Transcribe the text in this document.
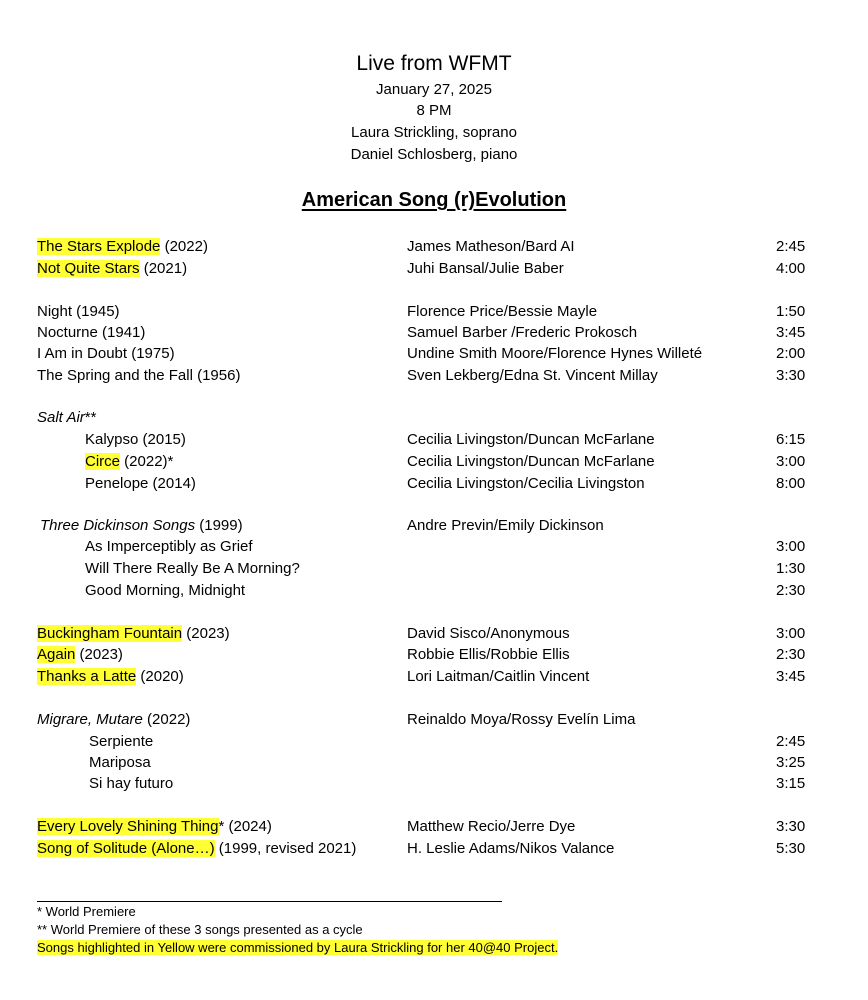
Live from WFMT
January 27, 2025
8 PM
Laura Strickling, soprano
Daniel Schlosberg, piano
American Song (r)Evolution
The Stars Explode (2022)	James Matheson/Bard AI	2:45
Not Quite Stars (2021)	Juhi Bansal/Julie Baber	4:00
Night (1945)	Florence Price/Bessie Mayle	1:50
Nocturne (1941)	Samuel Barber /Frederic Prokosch	3:45
I Am in Doubt (1975)	Undine Smith Moore/Florence Hynes Willeté	2:00
The Spring and the Fall (1956)	Sven Lekberg/Edna St. Vincent Millay	3:30
Salt Air**
Kalypso (2015)	Cecilia Livingston/Duncan McFarlane	6:15
Circe (2022)*	Cecilia Livingston/Duncan McFarlane	3:00
Penelope (2014)	Cecilia Livingston/Cecilia Livingston	8:00
Three Dickinson Songs (1999)	Andre Previn/Emily Dickinson
As Imperceptibly as Grief	3:00
Will There Really Be A Morning?	1:30
Good Morning, Midnight	2:30
Buckingham Fountain (2023)	David Sisco/Anonymous	3:00
Again (2023)	Robbie Ellis/Robbie Ellis	2:30
Thanks a Latte (2020)	Lori Laitman/Caitlin Vincent	3:45
Migrare, Mutare (2022)	Reinaldo Moya/Rossy Evelín Lima
Serpiente	2:45
Mariposa	3:25
Si hay futuro	3:15
Every Lovely Shining Thing* (2024)	Matthew Recio/Jerre Dye	3:30
Song of Solitude (Alone…) (1999, revised 2021)	H. Leslie Adams/Nikos Valance	5:30
* World Premiere
** World Premiere of these 3 songs presented as a cycle
Songs highlighted in Yellow were commissioned by Laura Strickling for her 40@40 Project.
